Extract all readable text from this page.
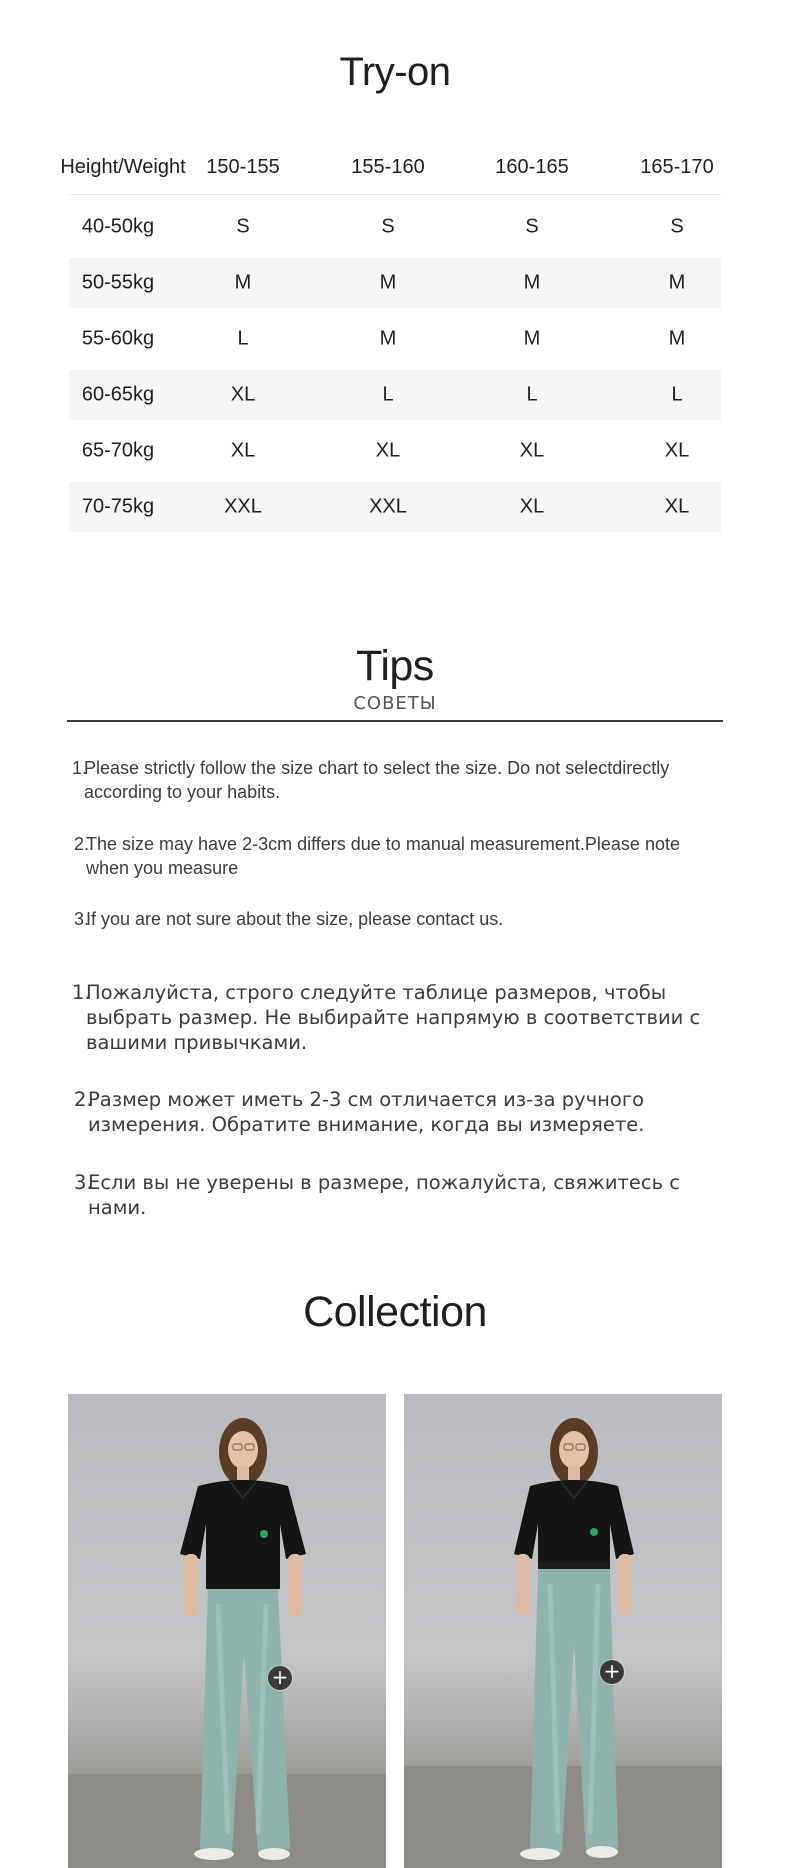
Try-on
Height/Weight 150-155	155-160	160-165	165-170
40-50kg	S	S	S	S
50-55kg	M	M	M	M
55-60kg	L	M	M	M
60-65kg	XL	L	L	L
65-70kg	XL	XL	XL	XL
70-75kg	XXL	XXL	XL	XL
Tips
СОВЕТЫ
1.
Please strictly follow the size chart to select the size. Do not selectdirectly according to your habits.
2.
The size may have 2-3cm differs due to manual measurement.Please note when you measure
3.
If you are not sure about the size, please contact us.
1.
Пожалуйста, строго следуйте таблице размеров, чтобы выбрать размер. Не выбирайте напрямую в соответствии с вашими привычками.
2.
Размер может иметь 2-3 см отличается из-за ручного измерения. Обратите внимание, когда вы измеряете.
3.
Если вы не уверены в размере, пожалуйста, свяжитесь с нами.
Collection
+	+
